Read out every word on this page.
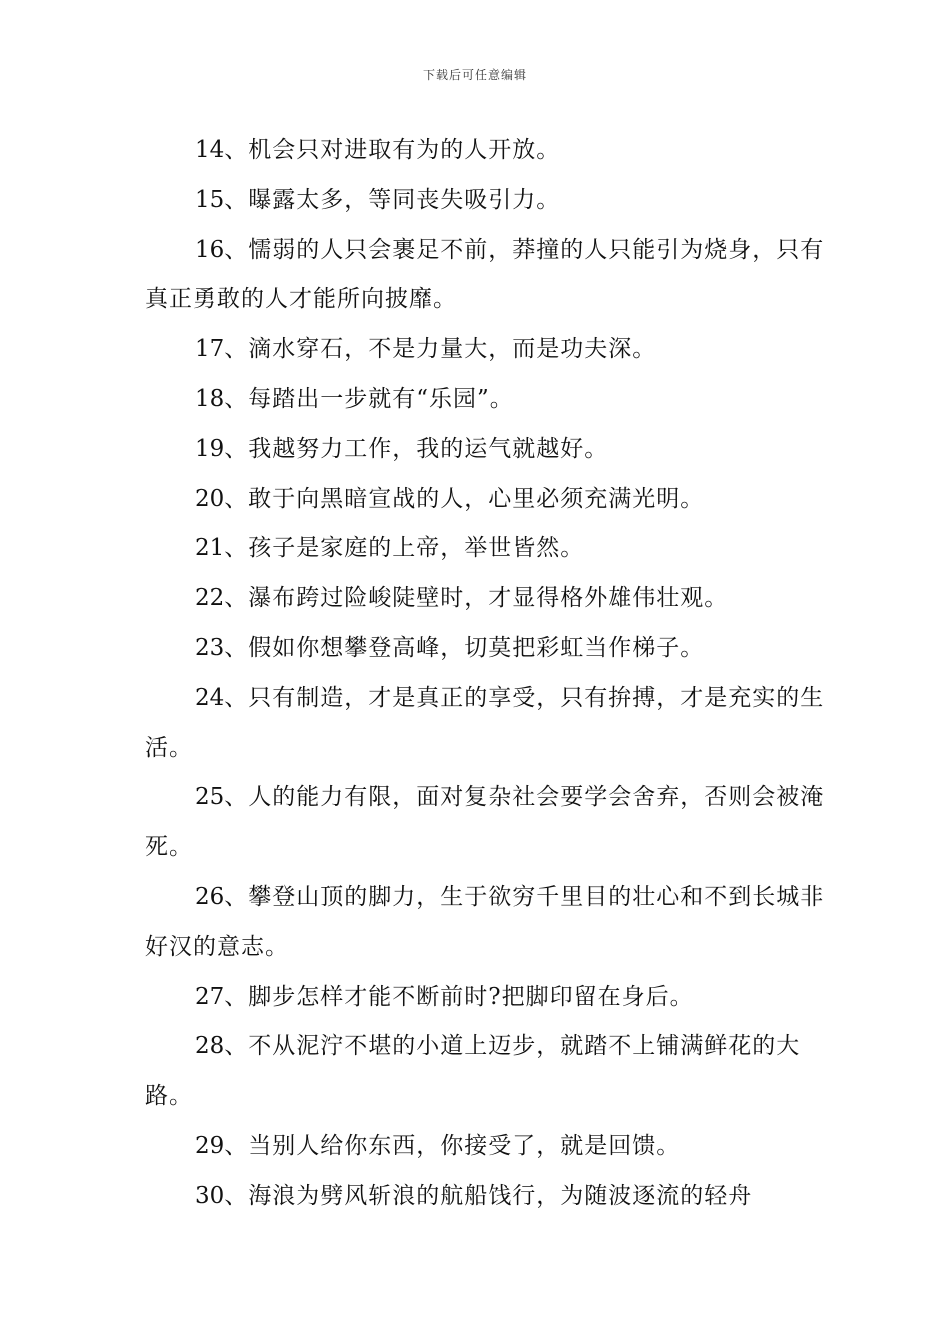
下载后可任意编辑

14、机会只对进取有为的人开放。

15、曝露太多，等同丧失吸引力。

16、懦弱的人只会裹足不前，莽撞的人只能引为烧身，只有真正勇敢的人才能所向披靡。

17、滴水穿石，不是力量大，而是功夫深。

18、每踏出一步就有“乐园”。

19、我越努力工作，我的运气就越好。

20、敢于向黑暗宣战的人，心里必须充满光明。

21、孩子是家庭的上帝，举世皆然。

22、瀑布跨过险峻陡壁时，才显得格外雄伟壮观。

23、假如你想攀登高峰，切莫把彩虹当作梯子。

24、只有制造，才是真正的享受，只有拚搏，才是充实的生活。

25、人的能力有限，面对复杂社会要学会舍弃，否则会被淹死。

26、攀登山顶的脚力，生于欲穷千里目的壮心和不到长城非好汉的意志。

27、脚步怎样才能不断前时?把脚印留在身后。

28、不从泥泞不堪的小道上迈步，就踏不上铺满鲜花的大路。

29、当别人给你东西，你接受了，就是回馈。

30、海浪为劈风斩浪的航船饯行，为随波逐流的轻舟
